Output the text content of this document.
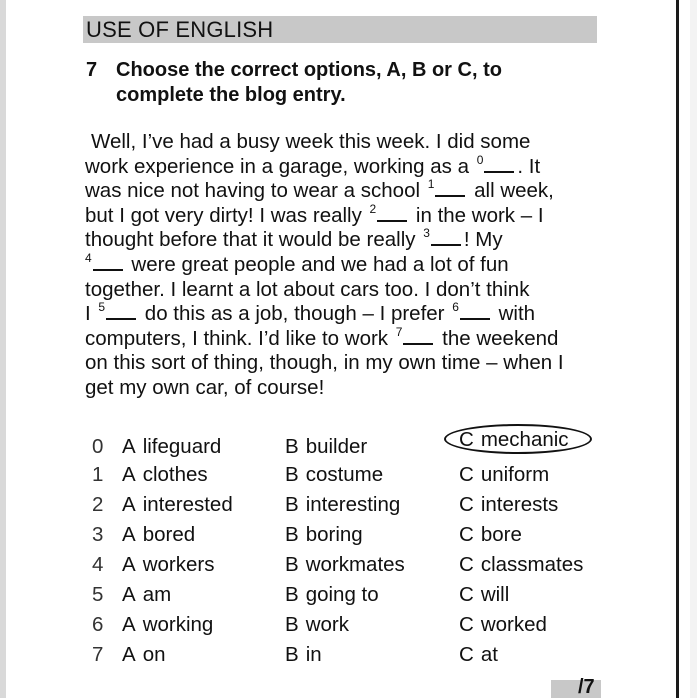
USE OF ENGLISH
7 Choose the correct options, A, B or C, to
complete the blog entry.
Well, I’ve had a busy week this week. I did some
work experience in a garage, working as a $^0$ . It
was nice not having to wear a school $^1$ all week,
but I got very dirty! I was really $^2$ in the work – I
thought before that it would be really $^3$ ! My
$^4$ were great people and we had a lot of fun
together. I learnt a lot about cars too. I don’t think
I $^5$ do this as a job, though – I prefer $^6$ with
computers, I think. I’d like to work $^7$ the weekend
on this sort of thing, though, in my own time – when I
get my own car, of course!
0 A lifeguard	B builder	C mechanic
1 A clothes	B costume	C uniform
2 A interested	B interesting	C interests
3 A bored	B boring	C bore
4 A workers	B workmates	C classmates
5 A am	B going to	C will
6 A working	B work	C worked
7 A on	B in	C at
/7
